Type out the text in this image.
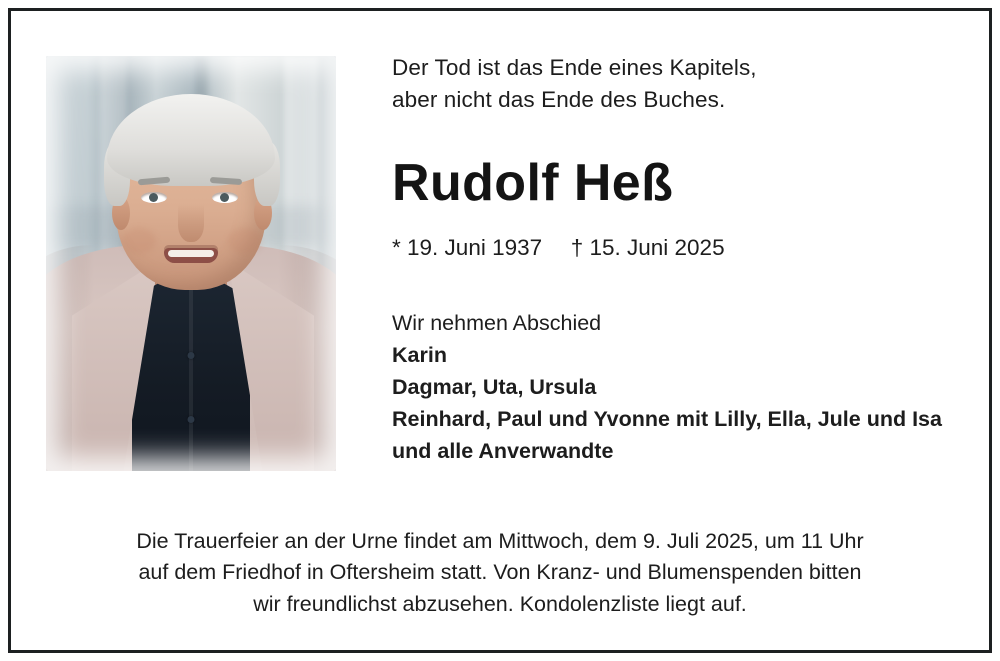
Der Tod ist das Ende eines Kapitels,
aber nicht das Ende des Buches.
Rudolf Heß
* 19. Juni 1937 † 15. Juni 2025
Wir nehmen Abschied
Karin
Dagmar, Uta, Ursula
Reinhard, Paul und Yvonne mit Lilly, Ella, Jule und Isa
und alle Anverwandte
Die Trauerfeier an der Urne findet am Mittwoch, dem 9. Juli 2025, um 11 Uhr
auf dem Friedhof in Oftersheim statt. Von Kranz- und Blumenspenden bitten
wir freundlichst abzusehen. Kondolenzliste liegt auf.
